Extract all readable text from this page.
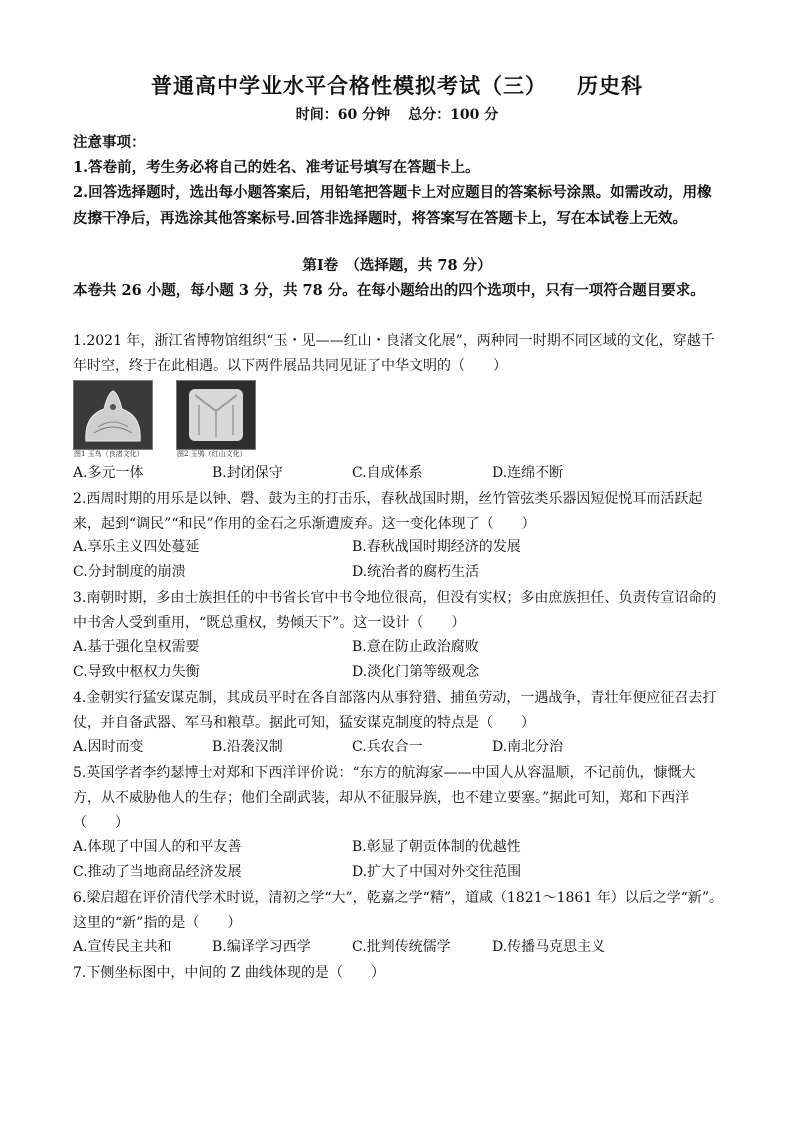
普通高中学业水平合格性模拟考试（三） 历史科
时间：60 分钟 总分：100 分
注意事项：
1.答卷前，考生务必将自己的姓名、准考证号填写在答题卡上。
2.回答选择题时，选出每小题答案后，用铅笔把答题卡上对应题目的答案标号涂黑。如需改动，用橡皮擦干净后，再选涂其他答案标号.回答非选择题时，将答案写在答题卡上，写在本试卷上无效。
第Ⅰ卷　（选择题，共 78 分）
本卷共 26 小题，每小题 3 分，共 78 分。在每小题给出的四个选项中，只有一项符合题目要求。
1.2021 年，浙江省博物馆组织“玉・见——红山・良渚文化展”，两种同一时期不同区域的文化，穿越千年时空，终于在此相遇。以下两件展品共同见证了中华文明的（　　）
图1 玉鸟（良渚文化）	图2 玉鸮（红山文化）
A.多元一体	B.封闭保守	C.自成体系	D.连绵不断
2.西周时期的用乐是以钟、磬、鼓为主的打击乐，春秋战国时期，丝竹管弦类乐器因短促悦耳而活跃起来，起到“调民”“和民”作用的金石之乐渐遭废弃。这一变化体现了（　　）
A.享乐主义四处蔓延	B.春秋战国时期经济的发展
C.分封制度的崩溃	D.统治者的腐朽生活
3.南朝时期，多由士族担任的中书省长官中书令地位很高，但没有实权；多由庶族担任、负责传宣诏命的中书舍人受到重用，“既总重权，势倾天下”。这一设计（　　）
A.基于强化皇权需要	B.意在防止政治腐败
C.导致中枢权力失衡	D.淡化门第等级观念
4.金朝实行猛安谋克制，其成员平时在各自部落内从事狩猎、捕鱼劳动，一遇战争，青壮年便应征召去打仗，并自备武器、军马和粮草。据此可知，猛安谋克制度的特点是（　　）
A.因时而变	B.沿袭汉制	C.兵农合一	D.南北分治
5.英国学者李约瑟博士对郑和下西洋评价说：“东方的航海家——中国人从容温顺，不记前仇，慷慨大方，从不威胁他人的生存；他们全副武装，却从不征服异族，也不建立要塞。”据此可知，郑和下西洋（　　）
A.体现了中国人的和平友善	B.彰显了朝贡体制的优越性
C.推动了当地商品经济发展	D.扩大了中国对外交往范围
6.梁启超在评价清代学术时说，清初之学“大”，乾嘉之学“精”，道咸（1821～1861 年）以后之学“新”。这里的“新”指的是（　　）
A.宣传民主共和	B.编译学习西学	C.批判传统儒学	D.传播马克思主义
7.下侧坐标图中，中间的 Z 曲线体现的是（　　）
